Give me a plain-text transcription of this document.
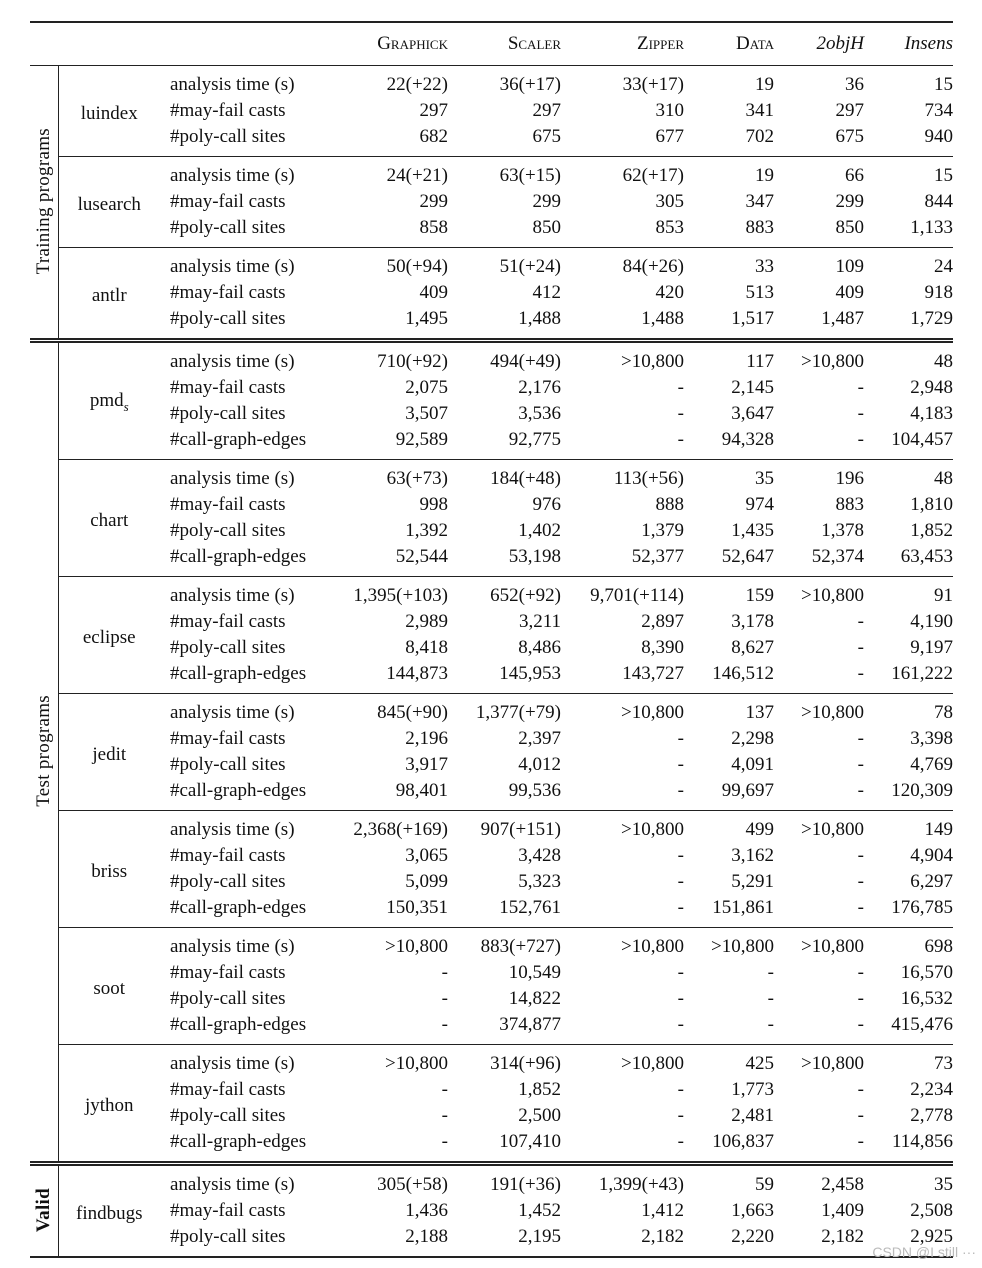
			Graphick	Scaler	Zipper	Data	2objH	Insens
Training programs	luindex	analysis time (s)	22(+22)	36(+17)	33(+17)	19	36	15
		#may-fail casts	297	297	310	341	297	734
		#poly-call sites	682	675	677	702	675	940
	lusearch	analysis time (s)	24(+21)	63(+15)	62(+17)	19	66	15
		#may-fail casts	299	299	305	347	299	844
		#poly-call sites	858	850	853	883	850	1,133
	antlr	analysis time (s)	50(+94)	51(+24)	84(+26)	33	109	24
		#may-fail casts	409	412	420	513	409	918
		#poly-call sites	1,495	1,488	1,488	1,517	1,487	1,729
Test programs	pmd$_s$	analysis time (s)	710(+92)	494(+49)	>10,800	117	>10,800	48
		#may-fail casts	2,075	2,176	-	2,145	-	2,948
		#poly-call sites	3,507	3,536	-	3,647	-	4,183
		#call-graph-edges	92,589	92,775	-	94,328	-	104,457
	chart	analysis time (s)	63(+73)	184(+48)	113(+56)	35	196	48
		#may-fail casts	998	976	888	974	883	1,810
		#poly-call sites	1,392	1,402	1,379	1,435	1,378	1,852
		#call-graph-edges	52,544	53,198	52,377	52,647	52,374	63,453
	eclipse	analysis time (s)	1,395(+103)	652(+92)	9,701(+114)	159	>10,800	91
		#may-fail casts	2,989	3,211	2,897	3,178	-	4,190
		#poly-call sites	8,418	8,486	8,390	8,627	-	9,197
		#call-graph-edges	144,873	145,953	143,727	146,512	-	161,222
	jedit	analysis time (s)	845(+90)	1,377(+79)	>10,800	137	>10,800	78
		#may-fail casts	2,196	2,397	-	2,298	-	3,398
		#poly-call sites	3,917	4,012	-	4,091	-	4,769
		#call-graph-edges	98,401	99,536	-	99,697	-	120,309
	briss	analysis time (s)	2,368(+169)	907(+151)	>10,800	499	>10,800	149
		#may-fail casts	3,065	3,428	-	3,162	-	4,904
		#poly-call sites	5,099	5,323	-	5,291	-	6,297
		#call-graph-edges	150,351	152,761	-	151,861	-	176,785
	soot	analysis time (s)	>10,800	883(+727)	>10,800	>10,800	>10,800	698
		#may-fail casts	-	10,549	-	-	-	16,570
		#poly-call sites	-	14,822	-	-	-	16,532
		#call-graph-edges	-	374,877	-	-	-	415,476
	jython	analysis time (s)	>10,800	314(+96)	>10,800	425	>10,800	73
		#may-fail casts	-	1,852	-	1,773	-	2,234
		#poly-call sites	-	2,500	-	2,481	-	2,778
		#call-graph-edges	-	107,410	-	106,837	-	114,856
Valid	findbugs	analysis time (s)	305(+58)	191(+36)	1,399(+43)	59	2,458	35
		#may-fail casts	1,436	1,452	1,412	1,663	1,409	2,508
		#poly-call sites	2,188	2,195	2,182	2,220	2,182	2,925
CSDN @I still ···
